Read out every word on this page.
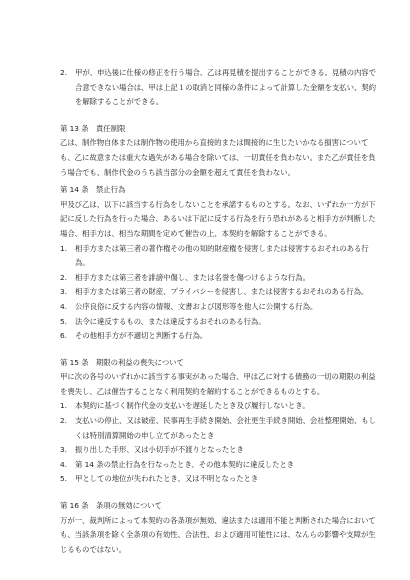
2.	甲が、申込後に仕様の修正を行う場合、乙は再見積を提出することができる。見積の内容で合意できない場合は、甲は上記１の取消と同様の条件によって計算した金額を支払い、契約を解除することができる。

第 13 条　責任制限

乙は、制作物自体または制作物の使用から直接的または間接的に生じたいかなる損害についても、乙に故意または重大な過失がある場合を除いては、一切責任を負わない。また乙が責任を負う場合でも、制作代金のうち該当部分の金額を超えて責任を負わない。

第 14 条　禁止行為

甲及び乙は、以下に該当する行為をしないことを承諾するものとする。なお、いずれか一方が下記に反した行為を行った場合、あるいは下記に反する行為を行う恐れがあると相手方が判断した場合、相手方は、相当な期間を定めて催告の上、本契約を解除することができる。

1.	相手方または第三者の著作権その他の知的財産権を侵害しまたは侵害するおそれのある行為。
2.	相手方または第三者を誹謗中傷し、または名誉を傷つけるような行為。
3.	相手方または第三者の財産、プライバシーを侵害し、または侵害するおそれのある行為。
4.	公序良俗に反する内容の情報、文書および図形等を他人に公開する行為。
5.	法令に違反するもの、または違反するおそれのある行為。
6.	その他相手方が不適切と判断する行為。

第 15 条　期限の利益の喪失について

甲に次の各号のいずれかに該当する事実があった場合、甲は乙に対する債務の一切の期限の利益を喪失し、乙は催告することなく利用契約を解約することができるものとする。

1.	本契約に基づく制作代金の支払いを遅延したとき及び履行しないとき。
2.	支払いの停止、又は破産、民事再生手続き開始、会社更生手続き開始、会社整理開始、もしくは特別清算開始の申し立てがあったとき
3.	振り出した手形、又は小切手が不渡りとなったとき
4.	第 14 条の禁止行為を行なったとき、その他本契約に違反したとき
5.	甲としての地位が失われたとき、又は不明となったとき

第 16 条　条項の無効について

万が一、裁判所によって本契約の各条項が無効、違法または適用不能と判断された場合においても、当該条項を除く全条項の有効性、合法性、および適用可能性には、なんらの影響や支障が生じるものではない。
